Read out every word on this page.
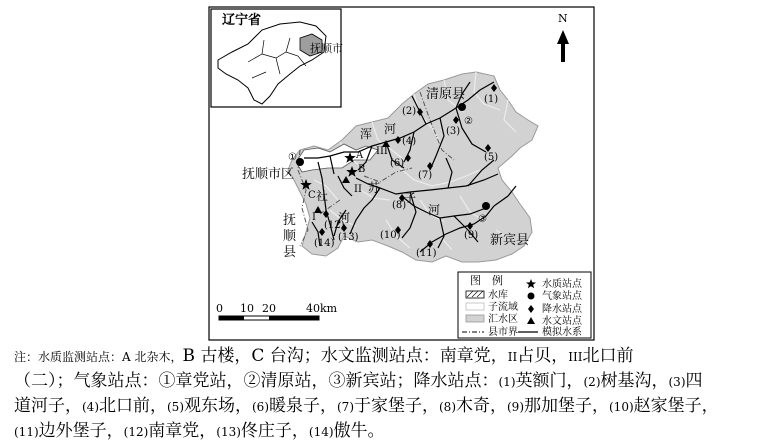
辽宁省
抚顺市
N
清原县
抚顺市区
抚
顺
县
新宾县
浑 河
苏
子
河
社
河
A
B
C
I
II
III
①
②
③
(1)
(2)
(3)
(4)
(5)
(6)
(7)
(8)
(9)
(10)
(11)
(12)
(13)
(14)
0 10 20	40km
图　例
水库
子流域
汇水区
县市界
水质站点
气象站点
降水站点
水文站点
模拟水系
注：水质监测站点：A 北杂木，B 古楼，C 台沟；水文监测站点：南章党，II占贝，III北口前
（二）；气象站点：①章党站，②清原站，③新宾站；降水站点：(1)英额门，(2)树基沟，(3)四
道河子，(4)北口前，(5)观东场，(6)暖泉子，(7)于家堡子，(8)木奇，(9)那加堡子，(10)赵家堡子，
(11)边外堡子，(12)南章党，(13)佟庄子，(14)傲牛。
